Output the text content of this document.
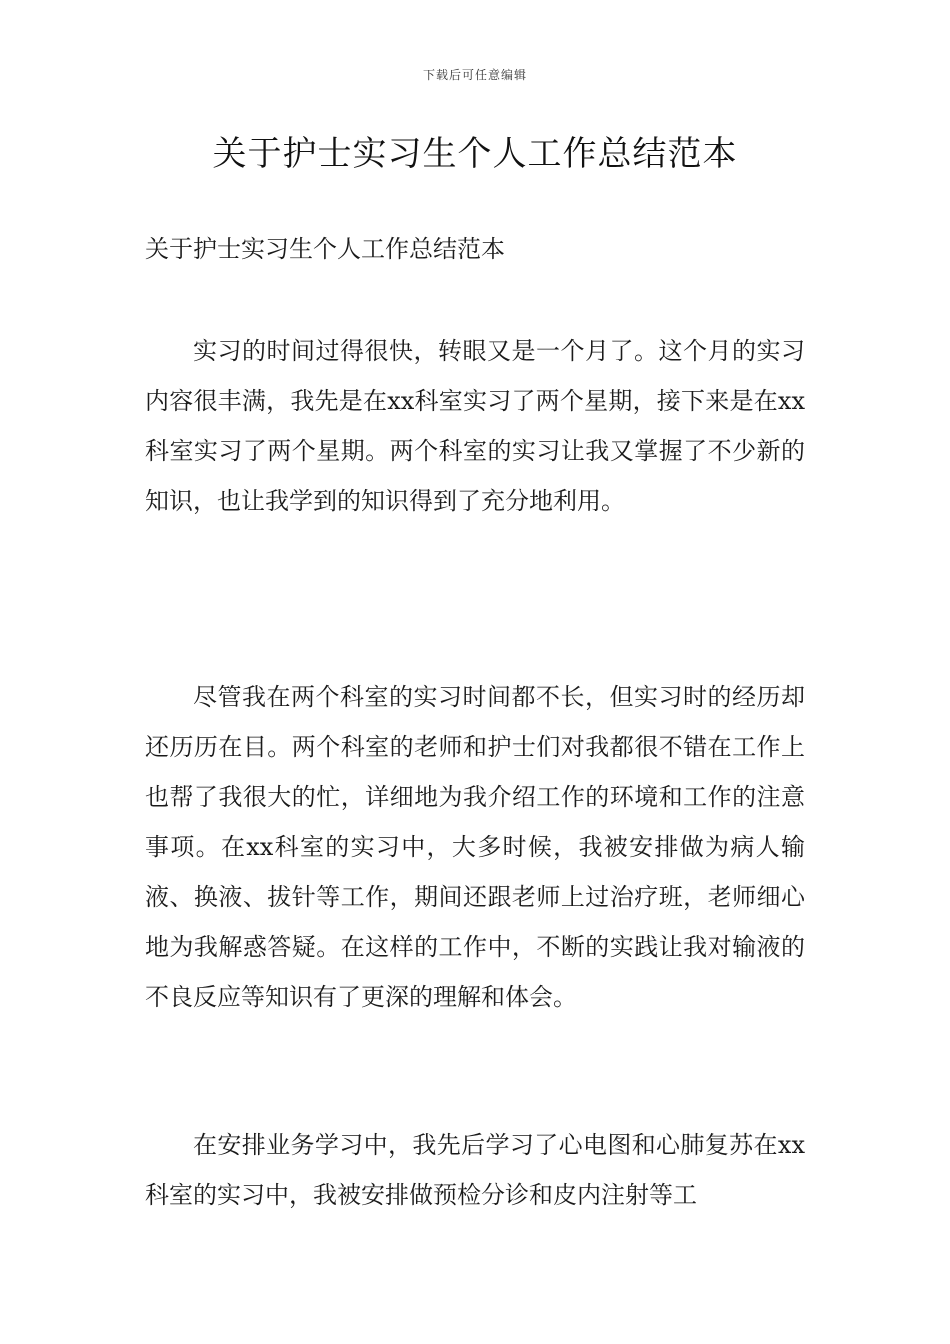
下载后可任意编辑
关于护士实习生个人工作总结范本
关于护士实习生个人工作总结范本

实习的时间过得很快，转眼又是一个月了。这个月的实习内容很丰满，我先是在xx科室实习了两个星期，接下来是在xx科室实习了两个星期。两个科室的实习让我又掌握了不少新的知识，也让我学到的知识得到了充分地利用。

尽管我在两个科室的实习时间都不长，但实习时的经历却还历历在目。两个科室的老师和护士们对我都很不错在工作上也帮了我很大的忙，详细地为我介绍工作的环境和工作的注意事项。在xx科室的实习中，大多时候，我被安排做为病人输液、换液、拔针等工作，期间还跟老师上过治疗班，老师细心地为我解惑答疑。在这样的工作中，不断的实践让我对输液的不良反应等知识有了更深的理解和体会。

在安排业务学习中，我先后学习了心电图和心肺复苏在xx科室的实习中，我被安排做预检分诊和皮内注射等工
